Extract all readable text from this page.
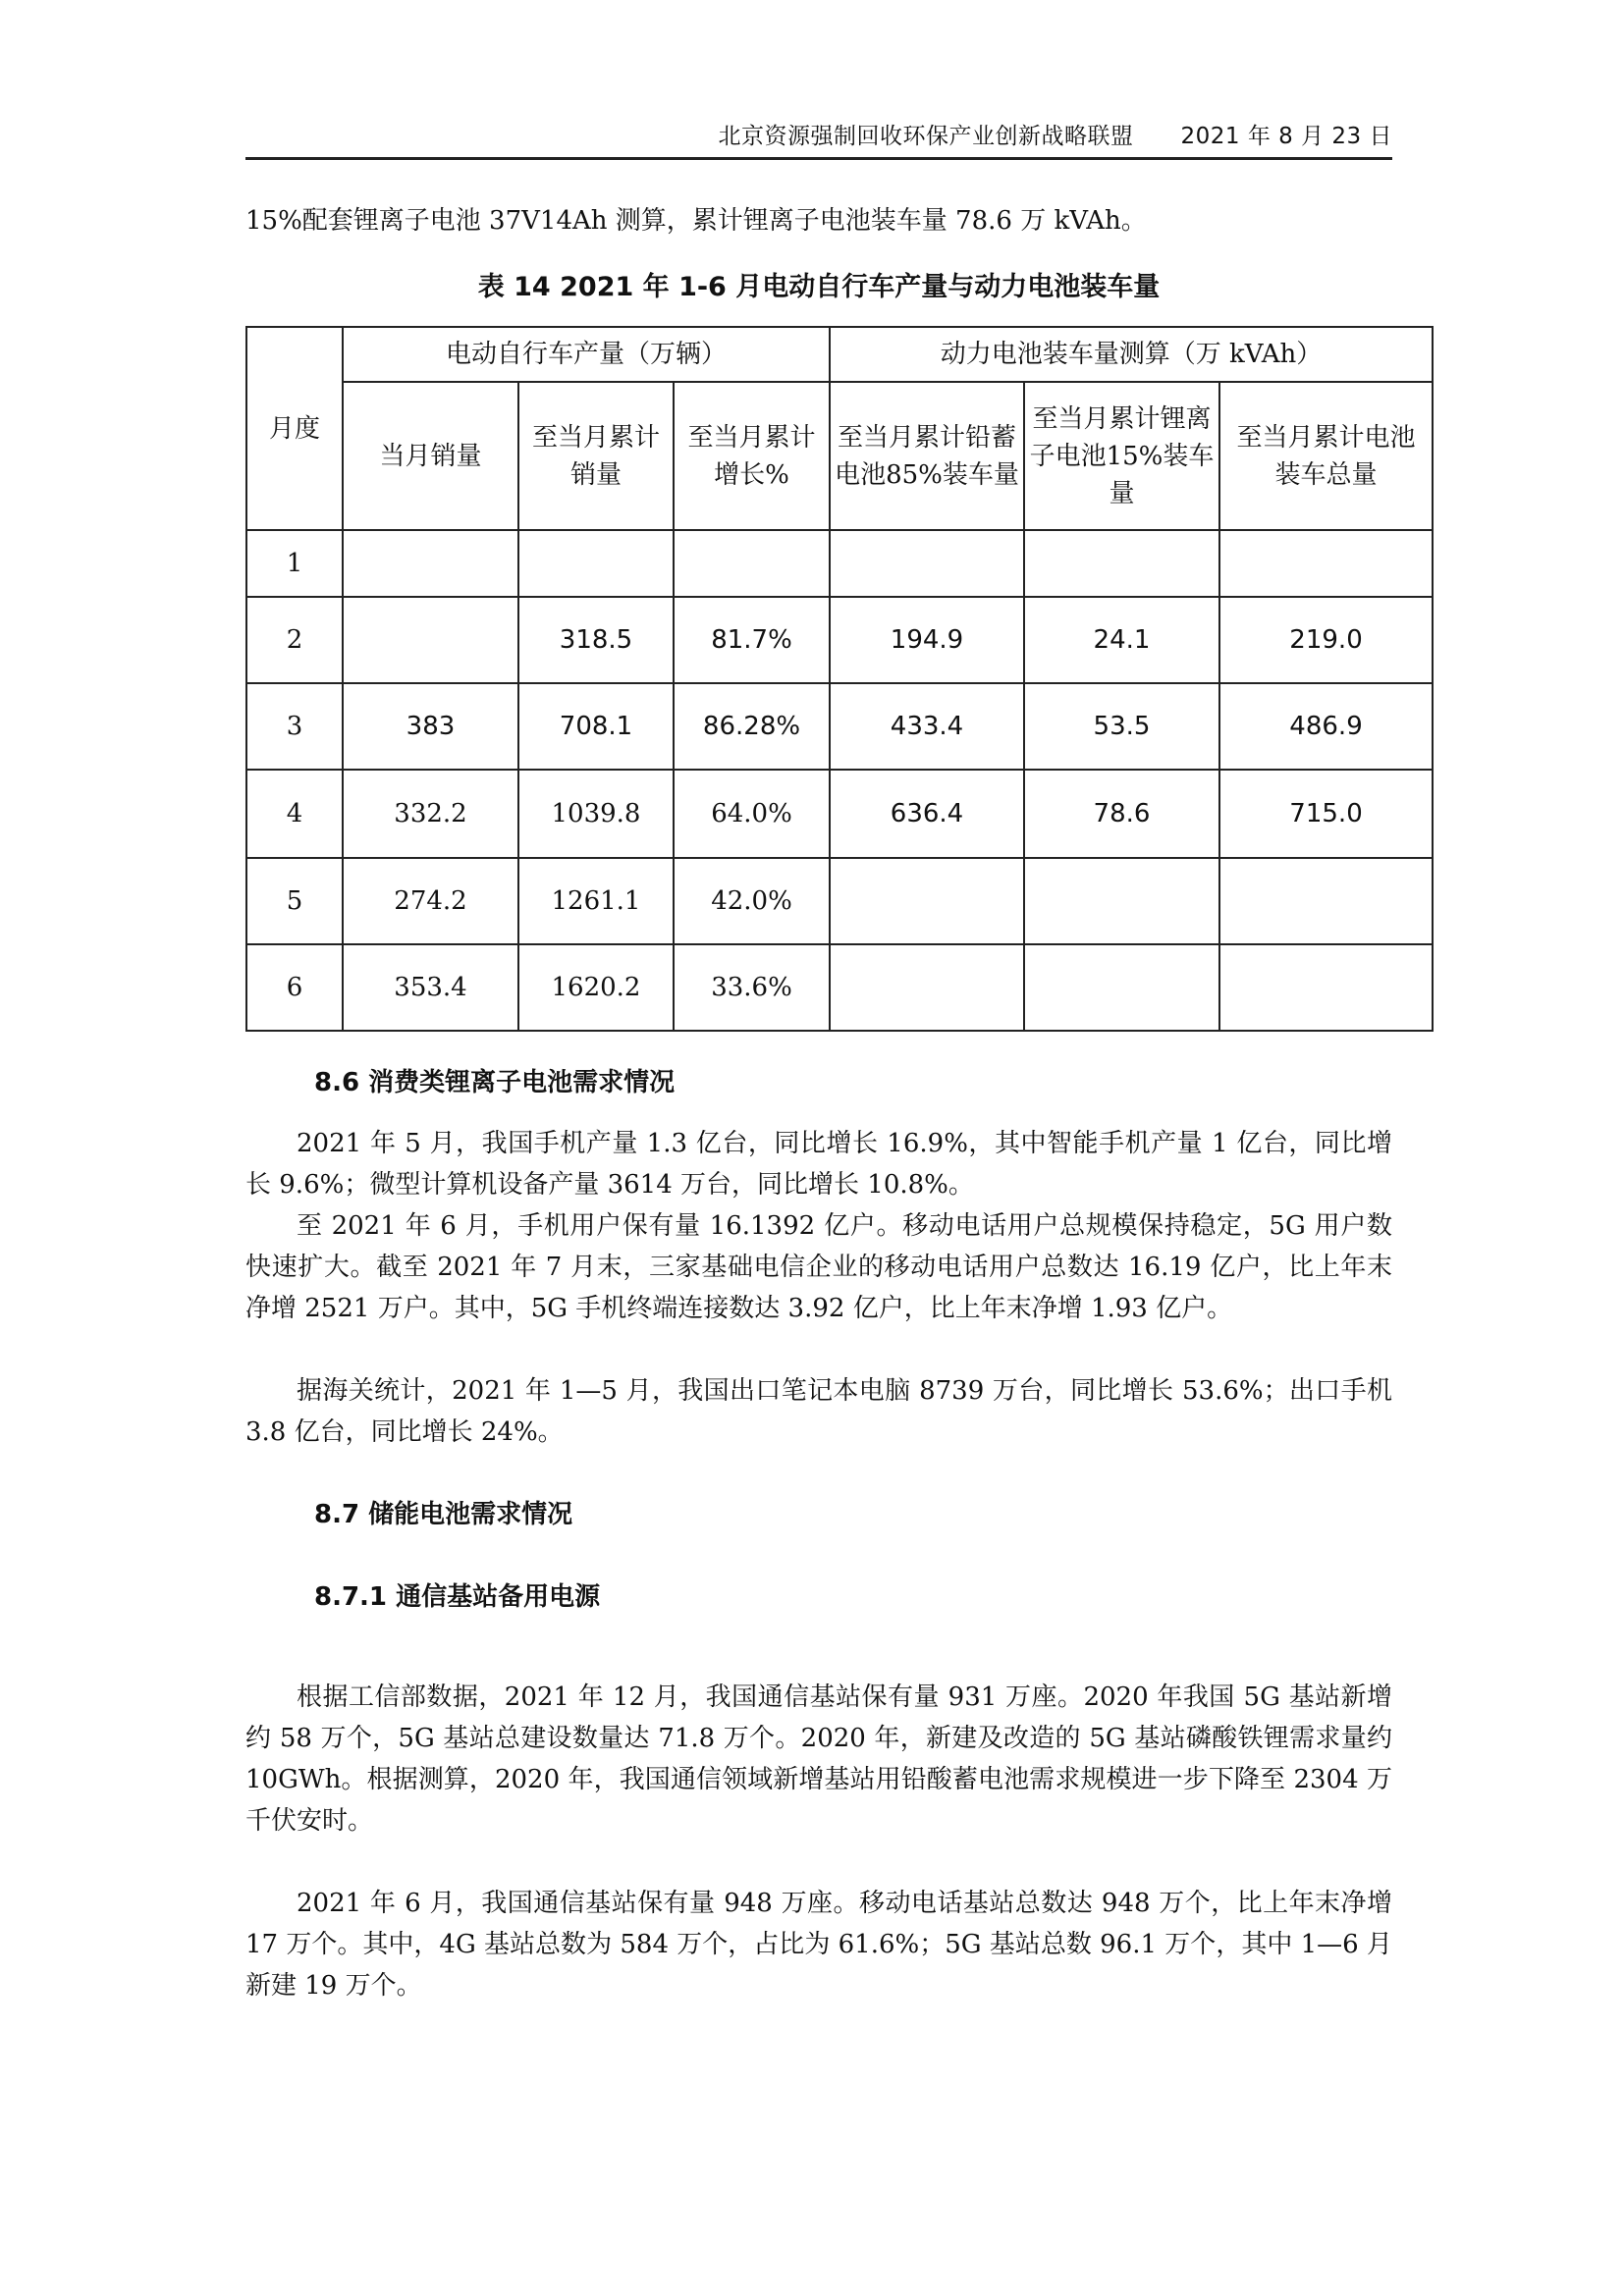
北京资源强制回收环保产业创新战略联盟 2021 年 8 月 23 日
15%配套锂离子电池 37V14Ah 测算，累计锂离子电池装车量 78.6 万 kVAh。
表 14 2021 年 1-6 月电动自行车产量与动力电池装车量
月度	电动自行车产量（万辆）			动力电池装车量测算（万 kVAh）		
	当月销量	至当月累计销量	至当月累计增长%	至当月累计铅蓄电池85%装车量	至当月累计锂离子电池15%装车量	至当月累计电池装车总量
1						
2		318.5	81.7%	194.9	24.1	219.0
3	383	708.1	86.28%	433.4	53.5	486.9
4	332.2	1039.8	64.0%	636.4	78.6	715.0
5	274.2	1261.1	42.0%			
6	353.4	1620.2	33.6%			
8.6 消费类锂离子电池需求情况
2021 年 5 月，我国手机产量 1.3 亿台，同比增长 16.9%，其中智能手机产量 1 亿台，同比增长 9.6%；微型计算机设备产量 3614 万台，同比增长 10.8%。
至 2021 年 6 月，手机用户保有量 16.1392 亿户。移动电话用户总规模保持稳定，5G 用户数快速扩大。截至 2021 年 7 月末，三家基础电信企业的移动电话用户总数达 16.19 亿户，比上年末净增 2521 万户。其中，5G 手机终端连接数达 3.92 亿户，比上年末净增 1.93 亿户。
据海关统计，2021 年 1—5 月，我国出口笔记本电脑 8739 万台，同比增长 53.6%；出口手机 3.8 亿台，同比增长 24%。
8.7 储能电池需求情况
8.7.1 通信基站备用电源
根据工信部数据，2021 年 12 月，我国通信基站保有量 931 万座。2020 年我国 5G 基站新增约 58 万个，5G 基站总建设数量达 71.8 万个。2020 年，新建及改造的 5G 基站磷酸铁锂需求量约 10GWh。根据测算，2020 年，我国通信领域新增基站用铅酸蓄电池需求规模进一步下降至 2304 万千伏安时。
2021 年 6 月，我国通信基站保有量 948 万座。移动电话基站总数达 948 万个，比上年末净增 17 万个。其中，4G 基站总数为 584 万个，占比为 61.6%；5G 基站总数 96.1 万个，其中 1—6 月新建 19 万个。
